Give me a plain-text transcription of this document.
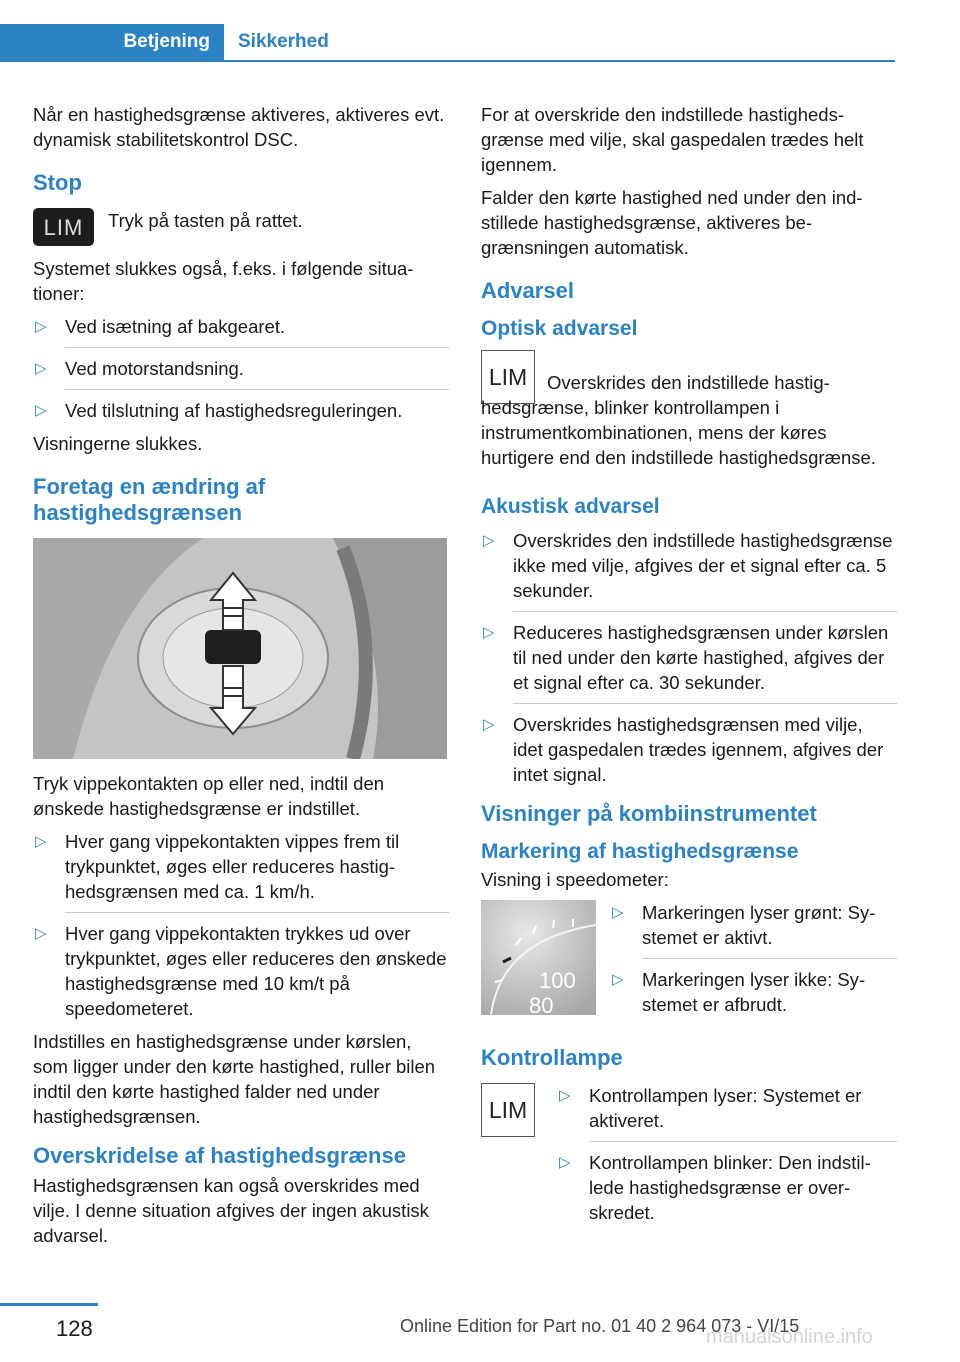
Betjening	Sikkerhed

Når en hastighedsgrænse aktiveres, aktiveres evt. dynamisk stabilitetskontrol DSC.

Stop
LIM	Tryk på tasten på rattet.

Systemet slukkes også, f.eks. i følgende situationer:

▷ Ved isætning af bakgearet.
▷ Ved motorstandsning.
▷ Ved tilslutning af hastighedsreguleringen.

Visningerne slukkes.

Foretag en ændring af hastighedsgrænsen

Tryk vippekontakten op eller ned, indtil den ønskede hastighedsgrænse er indstillet.

▷ Hver gang vippekontakten vippes frem til trykpunktet, øges eller reduceres hastighedsgrænsen med ca. 1 km/h.
▷ Hver gang vippekontakten trykkes ud over trykpunktet, øges eller reduceres den ønskede hastighedsgrænse med 10 km/t på speedometeret.

Indstilles en hastighedsgrænse under kørslen, som ligger under den kørte hastighed, ruller bilen indtil den kørte hastighed falder ned under hastighedsgrænsen.

Overskridelse af hastighedsgrænse

Hastighedsgrænsen kan også overskrides med vilje. I denne situation afgives der ingen akustisk advarsel.

For at overskride den indstillede hastighedsgrænse med vilje, skal gaspedalen trædes helt igennem.

Falder den kørte hastighed ned under den indstillede hastighedsgrænse, aktiveres begrænsningen automatisk.

Advarsel
Optisk advarsel
LIM	Overskrides den indstillede hastighedsgrænse, blinker kontrollampen i instrumentkombinationen, mens der køres hurtigere end den indstillede hastighedsgrænse.

Akustisk advarsel
▷ Overskrides den indstillede hastighedsgrænse ikke med vilje, afgives der et signal efter ca. 5 sekunder.
▷ Reduceres hastighedsgrænsen under kørslen til ned under den kørte hastighed, afgives der et signal efter ca. 30 sekunder.
▷ Overskrides hastighedsgrænsen med vilje, idet gaspedalen trædes igennem, afgives der intet signal.
Visninger på kombiinstrumentet
Markering af hastighedsgrænse

Visning i speedometer:

100
80
▷ Markeringen lyser grønt: Systemet er aktivt.
▷ Markeringen lyser ikke: Systemet er afbrudt.
Kontrollampe
LIM
▷ Kontrollampen lyser: Systemet er aktiveret.
▷ Kontrollampen blinker: Den indstillede hastighedsgrænse er overskredet.
128	Online Edition for Part no. 01 40 2 964 073 - VI/15
manualsonline.info
